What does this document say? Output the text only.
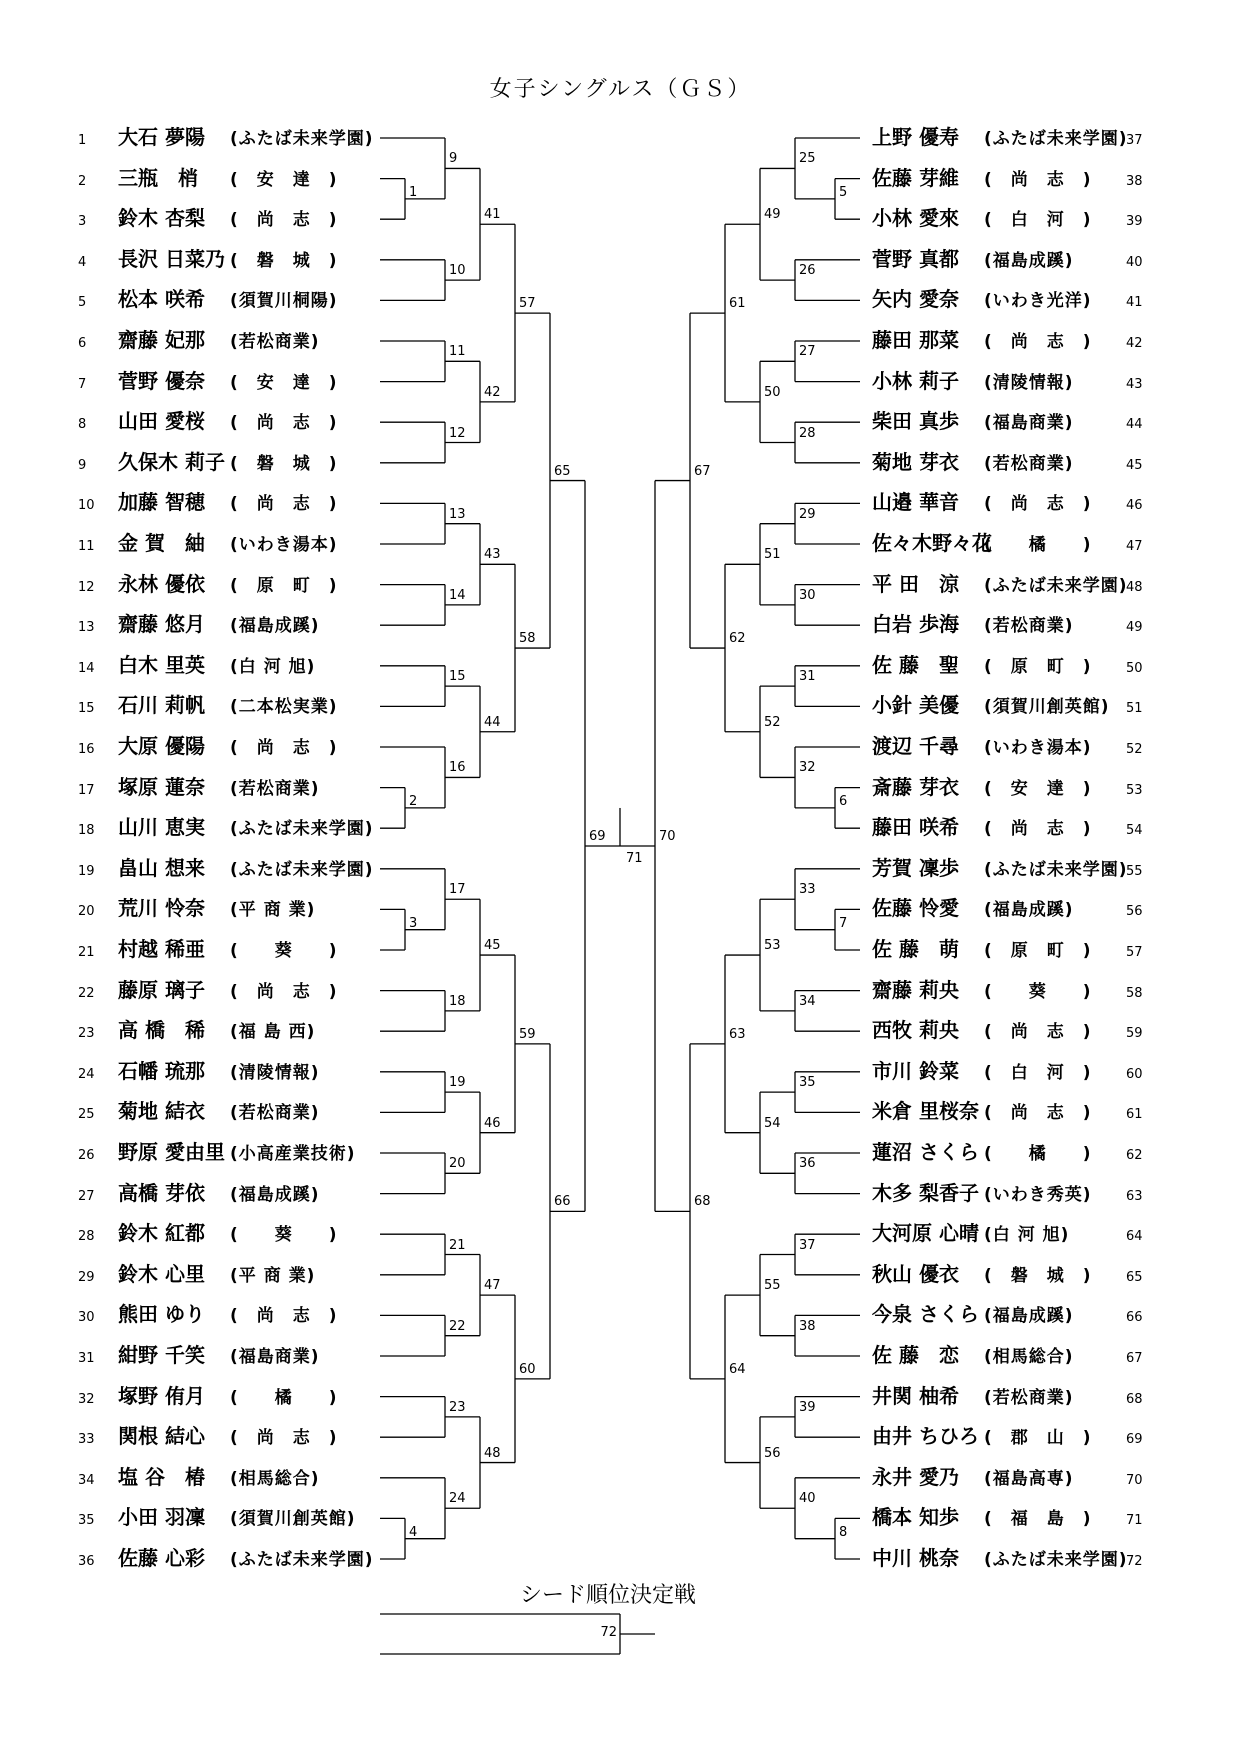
女子シングルス（ＧＳ）
シード順位決定戦
1 大石 夢陽 (ふたば未来学園)
2 三瓶　梢 (　安　達　)
3 鈴木 杏梨 (　尚　志　)
4 長沢 日菜乃 (　磐　城　)
5 松本 咲希 (須賀川桐陽)
6 齋藤 妃那 (若松商業)
7 菅野 優奈 (　安　達　)
8 山田 愛桜 (　尚　志　)
9 久保木 莉子 (　磐　城　)
10 加藤 智穂 (　尚　志　)
11 金 賀　紬 (いわき湯本)
12 永林 優依 (　原　町　)
13 齋藤 悠月 (福島成蹊)
14 白木 里英 (白 河 旭)
15 石川 莉帆 (二本松実業)
16 大原 優陽 (　尚　志　)
17 塚原 蓮奈 (若松商業)
18 山川 恵実 (ふたば未来学園)
19 畠山 想来 (ふたば未来学園)
20 荒川 怜奈 (平 商 業)
21 村越 稀亜 (　　葵　　)
22 藤原 璃子 (　尚　志　)
23 高 橋　稀 (福 島 西)
24 石幡 琉那 (清陵情報)
25 菊地 結衣 (若松商業)
26 野原 愛由里 (小高産業技術)
27 高橋 芽依 (福島成蹊)
28 鈴木 紅都 (　　葵　　)
29 鈴木 心里 (平 商 業)
30 熊田 ゆり (　尚　志　)
31 紺野 千笑 (福島商業)
32 塚野 侑月 (　　橘　　)
33 関根 結心 (　尚　志　)
34 塩 谷　椿 (相馬総合)
35 小田 羽凜 (須賀川創英館)
36 佐藤 心彩 (ふたば未来学園)
上野 優寿 (ふたば未来学園)37
佐藤 芽維 (　尚　志　)	38
小林 愛來 (　白　河　)	39
菅野 真都 (福島成蹊)	40
矢内 愛奈 (いわき光洋)	41
藤田 那菜 (　尚　志　)	42
小林 莉子 (清陵情報)	43
柴田 真歩 (福島商業)	44
菊地 芽衣 (若松商業)	45
山邉 華音 (　尚　志　)	46
佐々木野々花(　　橘　　)	47
平 田　涼 (ふたば未来学園)48
白岩 歩海 (若松商業)	49
佐 藤　聖 (　原　町　)	50
小針 美優 (須賀川創英館) 51
渡辺 千尋 (いわき湯本)	52
斎藤 芽衣 (　安　達　)	53
藤田 咲希 (　尚　志　)	54
芳賀 凜歩 (ふたば未来学園)55
佐藤 怜愛 (福島成蹊)	56
佐 藤　萌 (　原　町　)	57
齋藤 莉央 (　　葵　　)	58
西牧 莉央 (　尚　志　)	59
市川 鈴菜 (　白　河　)	60
米倉 里桜奈 (　尚　志　)	61
蓮沼 さくら (　　橘　　)	62
木多 梨香子 (いわき秀英)	63
大河原 心晴 (白 河 旭)	64
秋山 優衣 (　磐　城　)	65
今泉 さくら (福島成蹊)	66
佐 藤　恋 (相馬総合)	67
井関 柚希 (若松商業)	68
由井 ちひろ (　郡　山　)	69
永井 愛乃 (福島高専)	70
橋本 知歩 (　福　島　)	71
中川 桃奈 (ふたば未来学園)72
1
9
10
41
11
12
42
13
14
43
15
2
16
44
3
17
18
45
19
20
46
21
22
47
23
4
24
48
57
58
59
60
65
66
69
5
25
26
49
27
28
50
29
30
51
31
6
32
52
7
33
34
53
35
36
54
37
38
55
39
8
40
56
61
62
63
64
67
68
70
71
72
